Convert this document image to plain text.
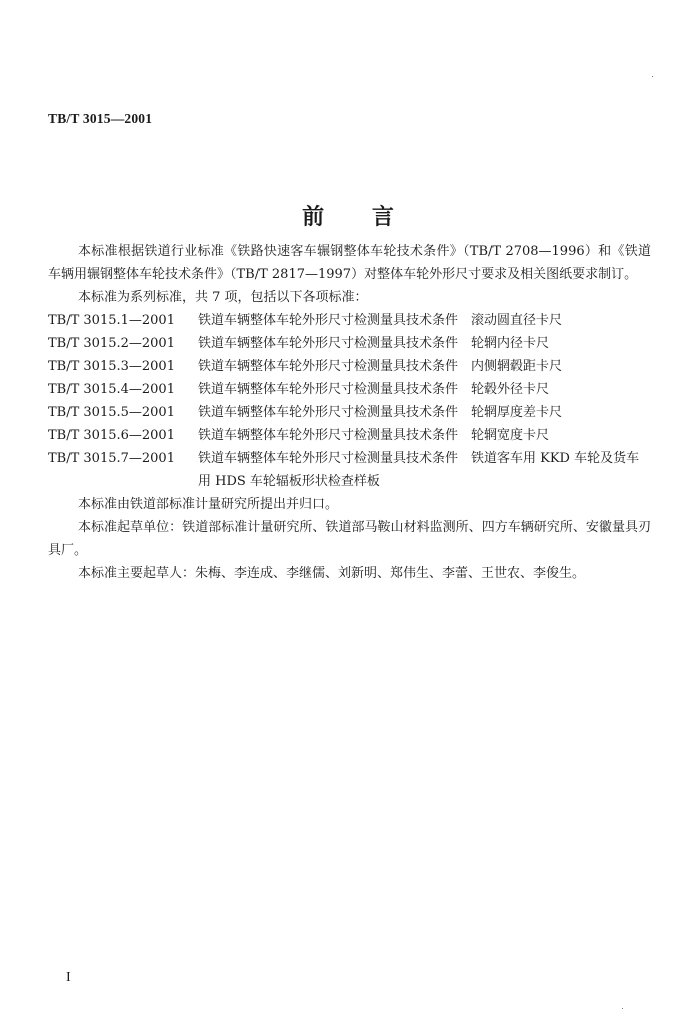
TB/T 3015—2001
前 言

本标准根据铁道行业标准《铁路快速客车辗钢整体车轮技术条件》（TB/T 2708—1996）和《铁道车辆用辗钢整体车轮技术条件》（TB/T 2817—1997）对整体车轮外形尺寸要求及相关图纸要求制订。

本标准为系列标准，共 7 项，包括以下各项标准：

TB/T 3015.1—2001	铁道车辆整体车轮外形尺寸检测量具技术条件　滚动圆直径卡尺
TB/T 3015.2—2001	铁道车辆整体车轮外形尺寸检测量具技术条件　轮辋内径卡尺
TB/T 3015.3—2001	铁道车辆整体车轮外形尺寸检测量具技术条件　内侧辋毂距卡尺
TB/T 3015.4—2001	铁道车辆整体车轮外形尺寸检测量具技术条件　轮毂外径卡尺
TB/T 3015.5—2001	铁道车辆整体车轮外形尺寸检测量具技术条件　轮辋厚度差卡尺
TB/T 3015.6—2001	铁道车辆整体车轮外形尺寸检测量具技术条件　轮辋宽度卡尺
TB/T 3015.7—2001	铁道车辆整体车轮外形尺寸检测量具技术条件　铁道客车用 KKD 车轮及货车用 HDS 车轮辐板形状检查样板

本标准由铁道部标准计量研究所提出并归口。

本标准起草单位：铁道部标准计量研究所、铁道部马鞍山材料监测所、四方车辆研究所、安徽量具刃具厂。

本标准主要起草人：朱梅、李连成、李继儒、刘新明、郑伟生、李蕾、王世农、李俊生。

I
